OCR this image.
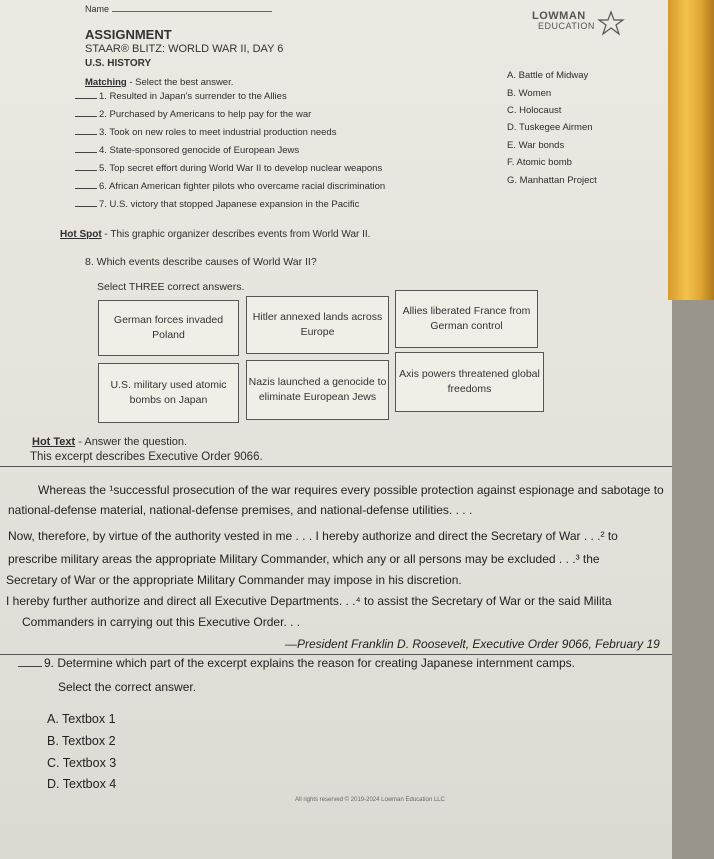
Name
LOWMAN
EDUCATION
ASSIGNMENT
STAAR® BLITZ: WORLD WAR II, DAY 6
U.S. HISTORY
Matching - Select the best answer.
1. Resulted in Japan's surrender to the Allies
2. Purchased by Americans to help pay for the war
3. Took on new roles to meet industrial production needs
4. State-sponsored genocide of European Jews
5. Top secret effort during World War II to develop nuclear weapons
6. African American fighter pilots who overcame racial discrimination
7. U.S. victory that stopped Japanese expansion in the Pacific
A. Battle of Midway
B. Women
C. Holocaust
D. Tuskegee Airmen
E. War bonds
F. Atomic bomb
G. Manhattan Project
Hot Spot - This graphic organizer describes events from World War II.
8. Which events describe causes of World War II?
Select THREE correct answers.
German forces invaded Poland
Hitler annexed lands across Europe
Allies liberated France from German control
U.S. military used atomic bombs on Japan
Nazis launched a genocide to eliminate European Jews
Axis powers threatened global freedoms
Hot Text - Answer the question.
This excerpt describes Executive Order 9066.
Whereas the ¹successful prosecution of the war requires every possible protection against espionage and sabotage to
national-defense material, national-defense premises, and national-defense utilities. . . .
Now, therefore, by virtue of the authority vested in me . . . I hereby authorize and direct the Secretary of War . . .² to
prescribe military areas the appropriate Military Commander, which any or all persons may be excluded . . .³ the
Secretary of War or the appropriate Military Commander may impose in his discretion.
I hereby further authorize and direct all Executive Departments. . .⁴ to assist the Secretary of War or the said Milita
Commanders in carrying out this Executive Order. . .
—President Franklin D. Roosevelt, Executive Order 9066, February 19
9. Determine which part of the excerpt explains the reason for creating Japanese internment camps.
Select the correct answer.
A. Textbox 1
B. Textbox 2
C. Textbox 3
D. Textbox 4
All rights reserved © 2019-2024 Lowman Education LLC
